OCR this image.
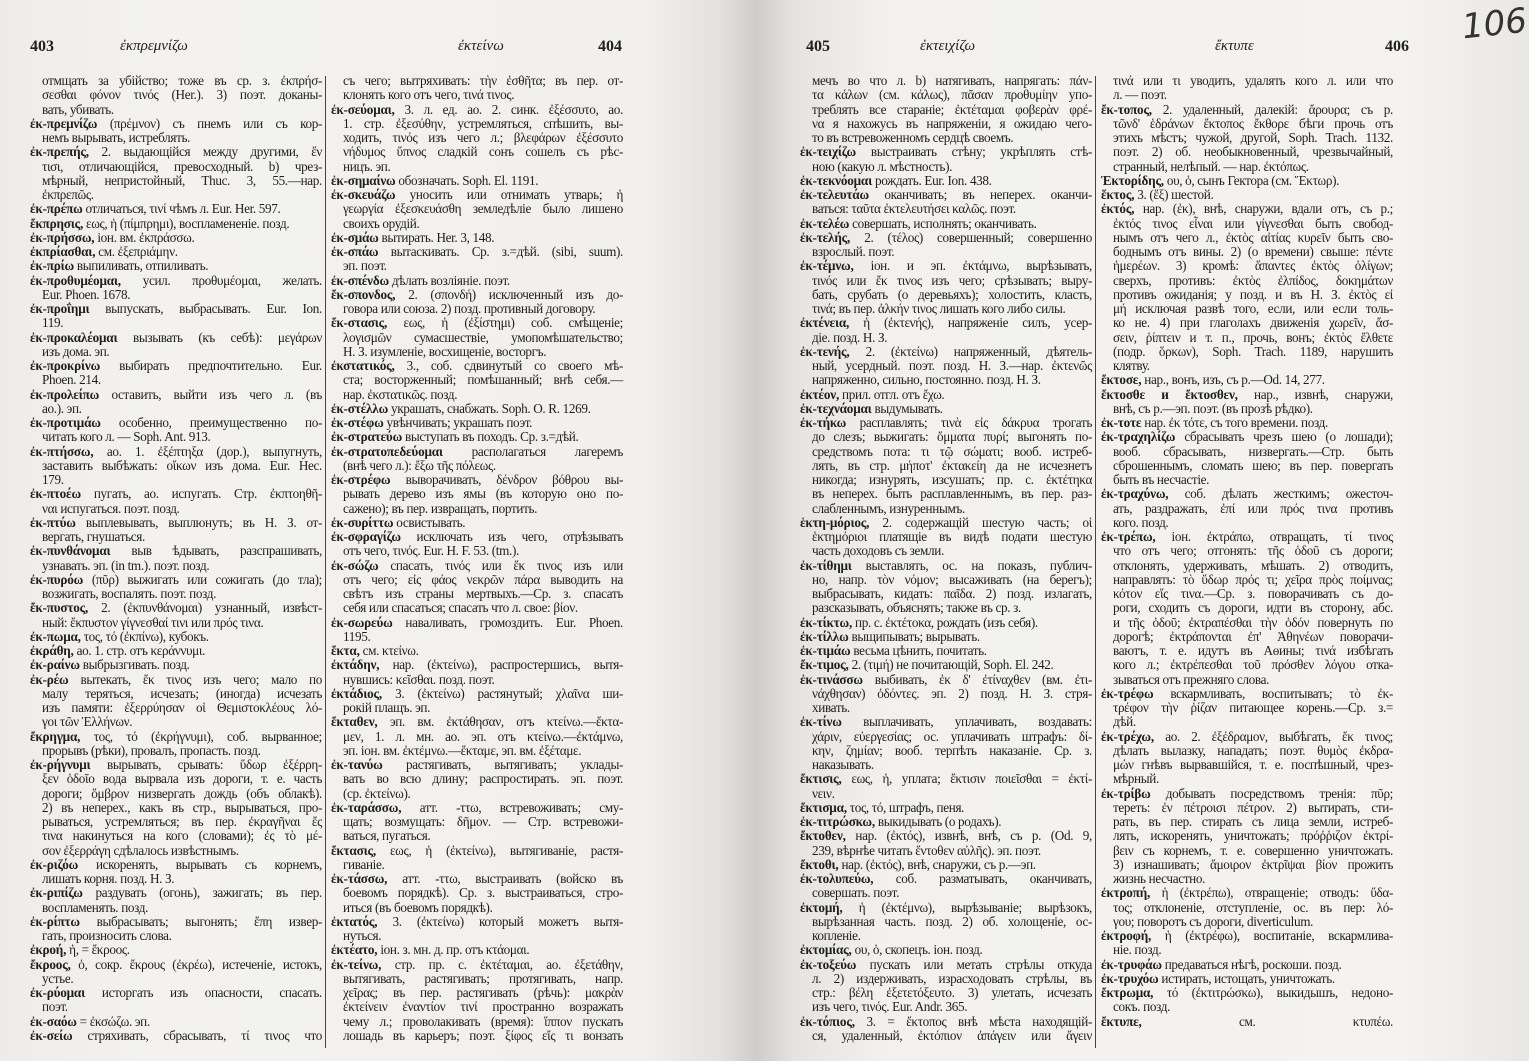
403	ἐκπρεμνίζω	ἐκτείνω	404	405	ἐκτειχίζω	ἔκτυπε	406 106
отмщать за убійство; тоже въ ср. з. ἐκπρήσ-
σεσθαι φόνον τινός (Her.). 3) поэт. доканы-
вать, убивать.
ἐκ-πρεμνίζω (πρέμνον) съ пнемъ или съ кор-
немъ вырывать, истреблять.
ἐκ-πρεπής, 2. выдающійся между другими, ἔν
τισι, отличающійся, превосходный. b) чрез-
мѣрный, непристойный, Thuc. 3, 55.—нар.
ἐκπρεπῶς.
ἐκ-πρέπω отличаться, τινί чѣмъ л. Eur. Her. 597.
ἔκπρησις, εως, ἡ (πίμπρημι), воспламененіе. позд.
ἐκ-πρήσσω, іон. вм. ἐκπράσσω.
ἐκπρίασθαι, см. ἐξεπριάμην.
ἐκ-πρίω выпиливать, отпиливать.
ἐκ-προθυμέομαι, усил. προθυμέομαι, желать.
Eur. Phoen. 1678.
ἐκ-προΐημι выпускать, выбрасывать. Eur. Ion.
119.
ἐκ-προκαλέομαι вызывать (къ себѣ): μεγάρων
изъ дома. эп.
ἐκ-προκρίνω выбирать предпочтительно. Eur.
Phoen. 214.
ἐκ-προλείπω оставить, выйти изъ чего л. (въ
ao.). эп.
ἐκ-προτιμάω особенно, преимущественно по-
читать кого л. — Soph. Ant. 913.
ἐκ-πτήσσω, ао. 1. ἐξέπτηξα (дор.), выпугнуть,
заставить выбѣжать: οἴκων изъ дома. Eur. Hec.
179.
ἐκ-πτοέω пугать, ао. испугать. Стр. ἐκπτοηθῆ-
ναι испугаться. поэт. позд.
ἐκ-πτύω выплевывать, выплюнуть; въ Н. З. от-
вергать, гнушаться.
ἐκ-πυνθάνομαι выв ѣдывать, разспрашивать,
узнавать. эп. (in tm.). поэт. позд.
ἐκ-πυρόω (πῦρ) выжигать или сожигать (до тла);
возжигать, воспалять. поэт. позд.
ἔκ-πυστος, 2. (ἐκπυνθάνομαι) узнанный, извѣст-
ный: ἔκπυστον γίγνεσθαί τινι или πρός τινα.
ἐκ-πωμα, τος, τό (ἐκπίνω), кубокъ.
ἐκράθη, ао. 1. стр. отъ κεράννυμι.
ἐκ-ραίνω выбрызгивать. позд.
ἐκ-ρέω вытекать, ἔκ τινος изъ чего; мало по
малу теряться, исчезать; (иногда) исчезать
изъ памяти: ἐξερρύησαν οἱ Θεμιστοκλέους λό-
γοι τῶν Ἑλλήνων.
ἔκρηγμα, τος, τό (ἐκρήγνυμι), соб. вырванное;
прорывъ (рѣки), провалъ, пропасть. позд.
ἐκ-ρήγνυμι вырывать, срывать: ὕδωρ ἐξέρρη-
ξεν ὁδοῖο вода вырвала изъ дороги, т. е. часть
дороги; ὄμβρον низвергать дождь (объ облакѣ).
2) въ неперех., какъ въ стр., вырываться, про-
рываться, устремляться; въ пер. ἐκραγῆναι ἔς
τινα накинуться на кого (словами); ἐς τὸ μέ-
σον ἐξερράγη сдѣлалось извѣстнымъ.
ἐκ-ριζόω искоренять, вырывать съ корнемъ,
лишать корня. позд. Н. З.
ἐκ-ριπίζω раздувать (огонь), зажигать; въ пер.
воспламенять. позд.
ἐκ-ρίπτω выбрасывать; выгонять; ἔπη извер-
гать, произносить слова.
ἐκροή, ἡ, = ἔκροος.
ἔκροος, ὁ, сокр. ἔκρους (ἐκρέω), истеченіе, истокъ,
устье.
ἐκ-ρύομαι исторгать изъ опасности, спасать.
поэт.
ἐκ-σαόω = ἐκσώζω. эп.
ἐκ-σείω стряхивать, сбрасывать, τί τινος что
съ чего; вытряхивать: τὴν ἐσθῆτα; въ пер. от-
клонять кого отъ чего, τινά τινος.
ἐκ-σεύομαι, 3. л. ед. ао. 2. синк. ἐξέσσυτο, ао.
1. стр. ἐξεσύθην, устремляться, спѣшить, вы-
ходить, τινός изъ чего л.; βλεφάρων ἐξέσσυτο
νήδυμος ὕπνος сладкій сонъ сошелъ съ рѣс-
ницъ. эп.
ἐκ-σημαίνω обозначать. Soph. El. 1191.
ἐκ-σκευάζω уносить или отнимать утварь; ἡ
γεωργία ἐξεσκευάσθη земледѣліе было лишено
своихъ орудій.
ἐκ-σμάω вытирать. Her. 3, 148.
ἐκ-σπάω вытаскивать. Ср. з.=дѣй. (sibi, suum).
эп. поэт.
ἐκ-σπένδω дѣлать возліяніе. поэт.
ἔκ-σπονδος, 2. (σπονδή) исключенный изъ до-
говора или союза. 2) позд. противный договору.
ἔκ-στασις, εως, ἡ (ἐξίστημι) соб. смѣщеніе;
λογισμῶν сумасшествіе, умопомѣшательство;
Н. З. изумленіе, восхищеніе, восторгъ.
ἐκστατικός, 3., соб. сдвинутый со своего мѣ-
ста; восторженный; помѣшанный; внѣ себя.—
нар. ἐκστατικῶς. позд.
ἐκ-στέλλω украшать, снабжать. Soph. O. R. 1269.
ἐκ-στέφω увѣнчивать; украшать поэт.
ἐκ-στρατεύω выступать въ походъ. Ср. з.=дѣй.
ἐκ-στρατοπεδεύομαι располагаться лагеремъ
(внѣ чего л.): ἔξω τῆς πόλεως.
ἐκ-στρέφω выворачивать, δένδρον βόθρου вы-
рывать дерево изъ ямы (въ которую оно по-
сажено); въ пер. извращать, портить.
ἐκ-συρίττω освистывать.
ἐκ-σφραγίζω исключать изъ чего, отрѣзывать
отъ чего, τινός. Eur. H. F. 53. (tm.).
ἐκ-σώζω спасать, τινός или ἔκ τινος изъ или
отъ чего; εἰς φάος νεκρῶν πάρα выводить на
свѣтъ изъ страны мертвыхъ.—Ср. з. спасать
себя или спасаться; спасать что л. свое: βίον.
ἐκ-σωρεύω наваливать, громоздить. Eur. Phoen.
1195.
ἔκτα, см. κτείνω.
ἐκτάδην, нар. (ἐκτείνω), распростершись, вытя-
нувшись: κεῖσθαι. позд. поэт.
ἐκτάδιος, 3. (ἐκτείνω) растянутый; χλαῖνα ши-
рокій плащъ. эп.
ἔκταθεν, эп. вм. ἐκτάθησαν, отъ κτείνω.—ἔκτα-
μεν, 1. л. мн. ао. эп. отъ κτείνω.—ἐκτάμνω,
эп. іон. вм. ἐκτέμνω.—ἔκταμε, эп. вм. ἐξέταμε.
ἐκ-τανύω растягивать, вытягивать; уклады-
вать во всю длину; распростирать. эп. поэт.
(ср. ἐκτείνω).
ἐκ-ταράσσω, атт. -ττω, встревоживать; сму-
щать; возмущать: δῆμον. — Стр. встревожи-
ваться, пугаться.
ἔκτασις, εως, ἡ (ἐκτείνω), вытягиваніе, растя-
гиваніе.
ἐκ-τάσσω, атт. -ττω, выстраивать (войско въ
боевомъ порядкѣ). Ср. з. выстраиваться, стро-
иться (въ боевомъ порядкѣ).
ἐκτατός, 3. (ἐκτείνω) который можетъ вытя-
нуться.
ἐκτέατο, іон. з. мн. д. пр. отъ κτάομαι.
ἐκ-τείνω, стр. пр. с. ἐκτέταμαι, ао. ἐξετάθην,
вытягивать, растягивать; протягивать, напр.
χεῖρας; въ пер. растягивать (рѣчь): μακρὰν
ἐκτείνειν ἐναντίον τινί пространно возражать
чему л.; проволакивать (время): ἵππον пускать
лошадь въ карьеръ; поэт. ξίφος εἴς τι вонзать
мечъ во что л. b) натягивать, напрягать: πάν-
τα κάλων (см. κάλως), πᾶσαν προθυμίην упо-
треблять все стараніе; ἐκτέταμαι φοβερὰν φρέ-
να я нахожусь въ напряженіи, я ожидаю чего-
то въ встревоженномъ сердцѣ своемъ.
ἐκ-τειχίζω выстраивать стѣну; укрѣплять стѣ-
ною (какую л. мѣстность).
ἐκ-τεκνόομαι рождать. Eur. Ion. 438.
ἐκ-τελευτάω оканчивать; въ неперех. оканчи-
ваться: ταῦτα ἐκτελευτήσει καλῶς. поэт.
ἐκ-τελέω совершать, исполнять; оканчивать.
ἐκ-τελής, 2. (τέλος) совершенный; совершенно
взрослый. поэт.
ἐκ-τέμνω, іон. и эп. ἐκτάμνω, вырѣзывать,
τινός или ἔκ τινος изъ чего; срѣзывать; выру-
бать, срубать (о деревьяхъ); холостить, класть,
τινά; въ пер. ἀλκήν τινος лишать кого либо силы.
ἐκτένεια, ἡ (ἐκτενής), напряженіе силъ, усер-
діе. позд. Н. З.
ἐκ-τενής, 2. (ἐκτείνω) напряженный, дѣятель-
ный, усердный. поэт. позд. Н. З.—нар. ἐκτενῶς
напряженно, сильно, постоянно. позд. Н. З.
ἐκτέον, прил. отгл. отъ ἔχω.
ἐκ-τεχνάομαι выдумывать.
ἐκ-τήκω расплавлять; τινὰ εἰς δάκρυα трогать
до слезъ; выжигать: ὄμματα πυρί; выгонять по-
средствомъ пота: τι τῷ σώματι; вооб. истреб-
лять, въ стр. μήποτ' ἐκτακείη да не исчезнетъ
никогда; изнурять, изсушать; пр. с. ἐκτέτηκα
въ неперех. быть расплавленнымъ, въ пер. раз-
слабленнымъ, изнуреннымъ.
ἑκτη-μόριος, 2. содержащій шестую часть; οἱ
ἑκτημόριοι платящіе въ видѣ подати шестую
часть доходовъ съ земли.
ἐκ-τίθημι выставлять, ос. на показъ, публич-
но, напр. τὸν νόμον; высаживать (на берегъ);
выбрасывать, кидать: παῖδα. 2) позд. излагать,
разсказывать, объяснять; также въ ср. з.
ἐκ-τίκτω, пр. с. ἐκτέτοκα, рождать (изъ себя).
ἐκ-τίλλω выщипывать; вырывать.
ἐκ-τιμάω весьма цѣнить, почитать.
ἔκ-τιμος, 2. (τιμή) не почитающій, Soph. El. 242.
ἐκ-τινάσσω выбивать, ἐκ δ' ἐτίναχθεν (вм. ἐτι-
νάχθησαν) ὀδόντες. эп. 2) позд. Н. З. стря-
хивать.
ἐκ-τίνω выплачивать, уплачивать, воздавать:
χάριν, εὐεργεσίας; ос. уплачивать штрафъ: δί-
κην, ζημίαν; вооб. терпѣть наказаніе. Ср. з.
наказывать.
ἔκτισις, εως, ἡ, уплата; ἔκτισιν ποιεῖσθαι = ἐκτί-
νειν.
ἔκτισμα, τος, τό, штрафъ, пеня.
ἐκ-τιτρώσκω, выкидывать (о родахъ).
ἔκτοθεν, нар. (ἐκτός), извнѣ, внѣ, съ р. (Od. 9,
239, вѣрнѣе читать ἔντοθεν αὐλῆς). эп. поэт.
ἔκτοθι, нар. (ἐκτός), внѣ, снаружи, съ р.—эп.
ἐκ-τολυπεύω, соб. разматывать, оканчивать,
совершать. поэт.
ἐκτομή, ἡ (ἐκτέμνω), вырѣзываніе; вырѣзокъ,
вырѣзанная часть. позд. 2) об. холощеніе, ос-
копленіе.
ἐκτομίας, ου, ὁ, скопецъ. іон. позд.
ἐκ-τοξεύω пускать или метать стрѣлы откуда
л. 2) издерживать, израсходовать стрѣлы, въ
стр.: βέλη ἐξετετόξευτο. 3) улетать, исчезать
изъ чего, τινός. Eur. Andr. 365.
ἐκ-τόπιος, 3. = ἔκτοπος внѣ мѣста находящій-
ся, удаленный, ἐκτόπιον ἀπάγειν или ἄγειν
τινά или τι уводить, удалять кого л. или что
л. — поэт.
ἔκ-τοπος, 2. удаленный, далекій: ἄρουρα; съ р.
τῶνδ' ἑδράνων ἔκτοπος ἔκθορε бѣги прочь отъ
этихъ мѣстъ; чужой, другой, Soph. Trach. 1132.
поэт. 2) об. необыкновенный, чрезвычайный,
странный, нелѣпый. — нар. ἐκτόπως.
Ἑκτορίδης, ου, ὁ, сынъ Гектора (см. Ἕκτωρ).
ἕκτος, 3. (ἕξ) шестой.
ἐκτός, нар. (ἐκ), внѣ, снаружи, вдали отъ, съ р.;
ἐκτός τινος εἶναι или γίγνεσθαι быть свобод-
нымъ отъ чего л., ἐκτὸς αἰτίας κυρεῖν быть сво-
боднымъ отъ вины. 2) (о времени) свыше: πέντε
ἡμερέων. 3) кромѣ: ἅπαντες ἐκτὸς ὀλίγων;
сверхъ, противъ: ἐκτὸς ἐλπίδος, δοκημάτων
противъ ожиданія; у позд. и въ Н. З. ἐκτὸς εἰ
μή исключая развѣ того, если, или если толь-
ко не. 4) при глаголахъ движенія χωρεῖν, ἄσ-
σειν, ῥίπτειν и т. п., прочь, вонъ; ἐκτὸς ἔλθετε
(подр. ὅρκων), Soph. Trach. 1189, нарушить
клятву.
ἔκτοσε, нар., вонъ, изъ, съ р.—Od. 14, 277.
ἔκτοσθε и ἔκτοσθεν, нар., извнѣ, снаружи,
внѣ, съ р.—эп. поэт. (въ прозѣ рѣдко).
ἐκ-τοτε нар. ἐκ τότε, съ того времени. позд.
ἐκ-τραχηλίζω сбрасывать чрезъ шею (о лошади);
вооб. сбрасывать, низвергать.—Стр. быть
сброшеннымъ, сломать шею; въ пер. повергать
быть въ несчастіе.
ἐκ-τραχύνω, соб. дѣлать жесткимъ; ожесточ-
ать, раздражать, ἐπί или πρός τινα противъ
кого. позд.
ἐκ-τρέπω, іон. ἐκτράπω, отвращать, τί τινος
что отъ чего; отгонять: τῆς ὁδοῦ съ дороги;
отклонять, удерживать, мѣшать. 2) отводить,
направлять: τὸ ὕδωρ πρός τι; χεῖρα πρὸς ποίμνας;
κότον εἴς τινα.—Ср. з. поворачивать съ до-
роги, сходить съ дороги, идти въ сторону, абс.
и τῆς ὁδοῦ; ἐκτραπέσθαι τὴν ὁδόν повернуть по
дорогѣ; ἐκτράπονται ἐπ' Ἀθηνέων поворачи-
ваютъ, т. е. идутъ въ Аѳины; τινά избѣгать
кого л.; ἐκτρέπεσθαι τοῦ πρόσθεν λόγου отка-
зываться отъ прежняго слова.
ἐκ-τρέφω вскармливать, воспитывать; τὸ ἐκ-
τρέφον τὴν ῥίζαν питающее корень.—Ср. з.=
дѣй.
ἐκ-τρέχω, ао. 2. ἐξέδραμον, выбѣгать, ἔκ τινος;
дѣлать вылазку, нападать; поэт. θυμὸς ἐκδρα-
μών гнѣвъ вырвавшійся, т. е. поспѣшный, чрез-
мѣрный.
ἐκ-τρίβω добывать посредствомъ тренія: πῦρ;
тереть: ἐν πέτροισι πέτρον. 2) вытирать, сти-
рать, въ пер. стирать съ лица земли, истреб-
лять, искоренять, уничтожать; πρόῤῥιζον ἐκτρί-
βειν съ корнемъ, т. е. совершенно уничтожать.
3) изнашивать; ἄμοιρον ἐκτρῖψαι βίον прожить
жизнь несчастно.
ἐκτροπή, ἡ (ἐκτρέπω), отвращеніе; отводъ: ὕδα-
τος; отклоненіе, отступленіе, ос. въ пер: λό-
γου; поворотъ съ дороги, diverticulum.
ἐκτροφή, ἡ (ἐκτρέφω), воспитаніе, вскармлива-
ніе. позд.
ἐκ-τρυφάω предаваться нѣгѣ, роскоши. позд.
ἐκ-τρυχόω истирать, истощать, уничтожать.
ἔκτρωμα, τό (ἐκτιτρώσκω), выкидышъ, недоно-
сокъ. позд.
ἔκτυπε, см. κτυπέω.
